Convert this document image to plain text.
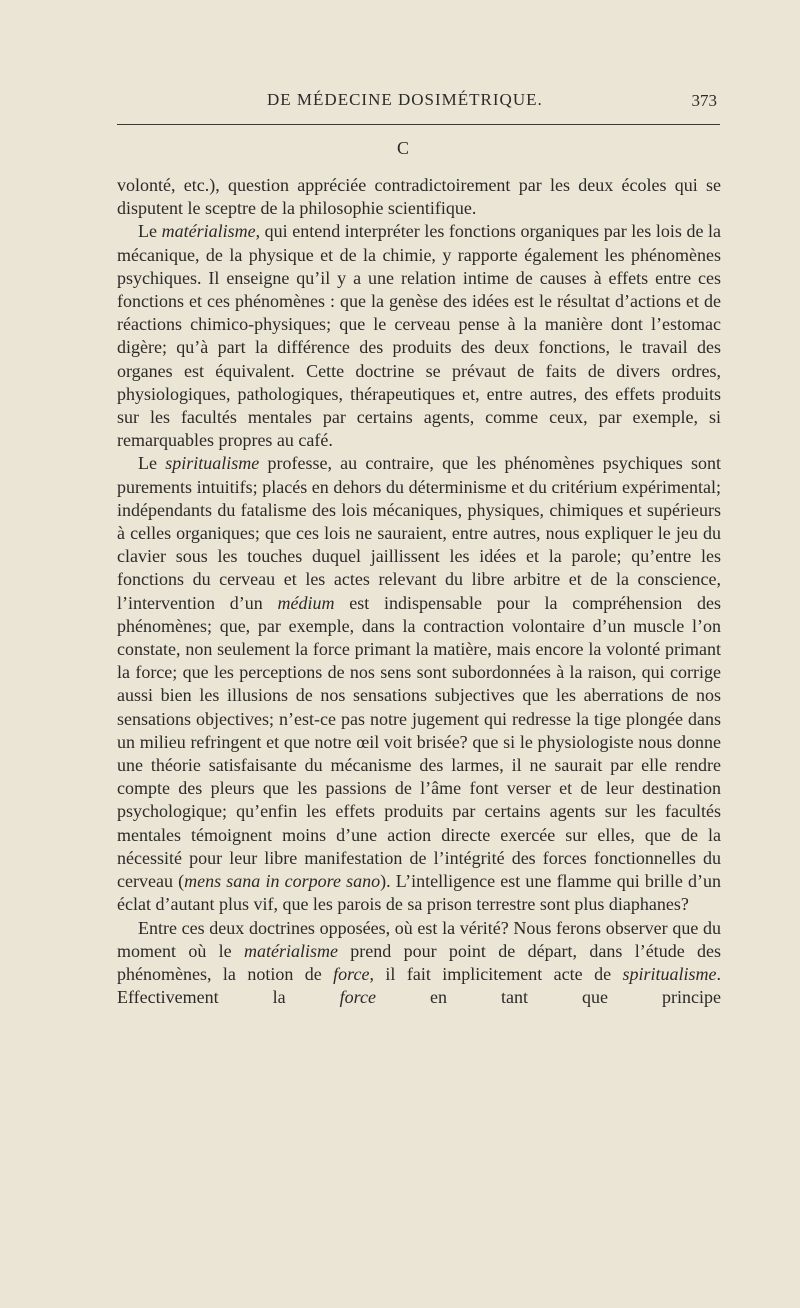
DE MÉDECINE DOSIMÉTRIQUE.	373
C

volonté, etc.), question appréciée contradictoirement par les deux écoles qui se disputent le sceptre de la philosophie scientifique.

Le matérialisme, qui entend interpréter les fonctions organiques par les lois de la mécanique, de la physique et de la chimie, y rapporte également les phénomènes psychiques. Il enseigne qu’il y a une relation intime de causes à effets entre ces fonctions et ces phénomènes : que la genèse des idées est le résultat d’actions et de réactions chimico-physiques; que le cerveau pense à la manière dont l’estomac digère; qu’à part la différence des produits des deux fonctions, le travail des organes est équivalent. Cette doctrine se prévaut de faits de divers ordres, physiologiques, pathologiques, thérapeutiques et, entre autres, des effets produits sur les facultés mentales par certains agents, comme ceux, par exemple, si remarquables propres au café.

Le spiritualisme professe, au contraire, que les phénomènes psychiques sont purements intuitifs; placés en dehors du déterminisme et du critérium expérimental; indépendants du fatalisme des lois mécaniques, physiques, chimiques et supérieurs à celles organiques; que ces lois ne sauraient, entre autres, nous expliquer le jeu du clavier sous les touches duquel jaillissent les idées et la parole; qu’entre les fonctions du cerveau et les actes relevant du libre arbitre et de la conscience, l’intervention d’un médium est indispensable pour la compréhension des phénomènes; que, par exemple, dans la contraction volontaire d’un muscle l’on constate, non seulement la force primant la matière, mais encore la volonté primant la force; que les perceptions de nos sens sont subordonnées à la raison, qui corrige aussi bien les illusions de nos sensations subjectives que les aberrations de nos sensations objectives; n’est-ce pas notre jugement qui redresse la tige plongée dans un milieu refringent et que notre œil voit brisée? que si le physiologiste nous donne une théorie satisfaisante du mécanisme des larmes, il ne saurait par elle rendre compte des pleurs que les passions de l’âme font verser et de leur destination psychologique; qu’enfin les effets produits par certains agents sur les facultés mentales témoignent moins d’une action directe exercée sur elles, que de la nécessité pour leur libre manifestation de l’intégrité des forces fonctionnelles du cerveau (mens sana in corpore sano). L’intelligence est une flamme qui brille d’un éclat d’autant plus vif, que les parois de sa prison terrestre sont plus diaphanes?

Entre ces deux doctrines opposées, où est la vérité? Nous ferons observer que du moment où le matérialisme prend pour point de départ, dans l’étude des phénomènes, la notion de force, il fait implicitement acte de spiritualisme. Effectivement la force en tant que principe
